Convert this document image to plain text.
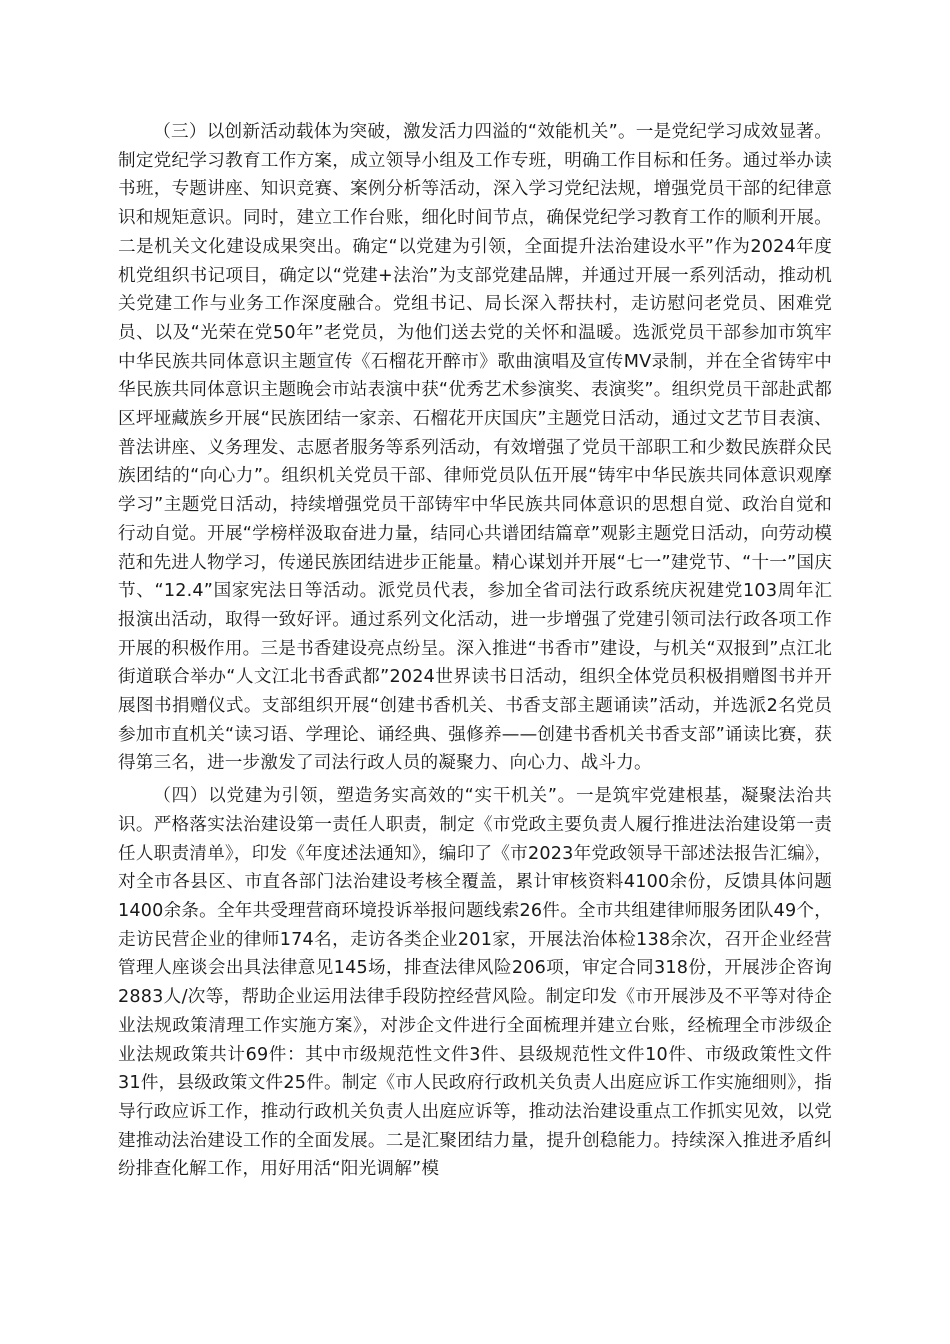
（三）以创新活动载体为突破，激发活力四溢的“效能机关”。一是党纪学习成效显著。制定党纪学习教育工作方案，成立领导小组及工作专班，明确工作目标和任务。通过举办读书班，专题讲座、知识竞赛、案例分析等活动，深入学习党纪法规，增强党员干部的纪律意识和规矩意识。同时，建立工作台账，细化时间节点，确保党纪学习教育工作的顺利开展。二是机关文化建设成果突出。确定“以党建为引领，全面提升法治建设水平”作为2024年度机党组织书记项目，确定以“党建+法治”为支部党建品牌，并通过开展一系列活动，推动机关党建工作与业务工作深度融合。党组书记、局长深入帮扶村，走访慰问老党员、困难党员、以及“光荣在党50年”老党员，为他们送去党的关怀和温暖。选派党员干部参加市筑牢中华民族共同体意识主题宣传《石榴花开醉市》歌曲演唱及宣传MV录制，并在全省铸牢中华民族共同体意识主题晚会市站表演中获“优秀艺术参演奖、表演奖”。组织党员干部赴武都区坪垭藏族乡开展“民族团结一家亲、石榴花开庆国庆”主题党日活动，通过文艺节目表演、普法讲座、义务理发、志愿者服务等系列活动，有效增强了党员干部职工和少数民族群众民族团结的“向心力”。组织机关党员干部、律师党员队伍开展“铸牢中华民族共同体意识观摩学习”主题党日活动，持续增强党员干部铸牢中华民族共同体意识的思想自觉、政治自觉和行动自觉。开展“学榜样汲取奋进力量，结同心共谱团结篇章”观影主题党日活动，向劳动模范和先进人物学习，传递民族团结进步正能量。精心谋划并开展“七一”建党节、“十一”国庆节、“12.4”国家宪法日等活动。派党员代表，参加全省司法行政系统庆祝建党103周年汇报演出活动，取得一致好评。通过系列文化活动，进一步增强了党建引领司法行政各项工作开展的积极作用。三是书香建设亮点纷呈。深入推进“书香市”建设，与机关“双报到”点江北街道联合举办“人文江北书香武都”2024世界读书日活动，组织全体党员积极捐赠图书并开展图书捐赠仪式。支部组织开展“创建书香机关、书香支部主题诵读”活动，并选派2名党员参加市直机关“读习语、学理论、诵经典、强修养——创建书香机关书香支部”诵读比赛，获得第三名，进一步激发了司法行政人员的凝聚力、向心力、战斗力。

（四）以党建为引领，塑造务实高效的“实干机关”。一是筑牢党建根基，凝聚法治共识。严格落实法治建设第一责任人职责，制定《市党政主要负责人履行推进法治建设第一责任人职责清单》，印发《年度述法通知》，编印了《市2023年党政领导干部述法报告汇编》，对全市各县区、市直各部门法治建设考核全覆盖，累计审核资料4100余份，反馈具体问题1400余条。全年共受理营商环境投诉举报问题线索26件。全市共组建律师服务团队49个，走访民营企业的律师174名，走访各类企业201家，开展法治体检138余次，召开企业经营管理人座谈会出具法律意见145场，排查法律风险206项，审定合同318份，开展涉企咨询2883人/次等，帮助企业运用法律手段防控经营风险。制定印发《市开展涉及不平等对待企业法规政策清理工作实施方案》，对涉企文件进行全面梳理并建立台账，经梳理全市涉级企业法规政策共计69件：其中市级规范性文件3件、县级规范性文件10件、市级政策性文件31件，县级政策文件25件。制定《市人民政府行政机关负责人出庭应诉工作实施细则》，指导行政应诉工作，推动行政机关负责人出庭应诉等，推动法治建设重点工作抓实见效，以党建推动法治建设工作的全面发展。二是汇聚团结力量，提升创稳能力。持续深入推进矛盾纠纷排查化解工作，用好用活“阳光调解”模
